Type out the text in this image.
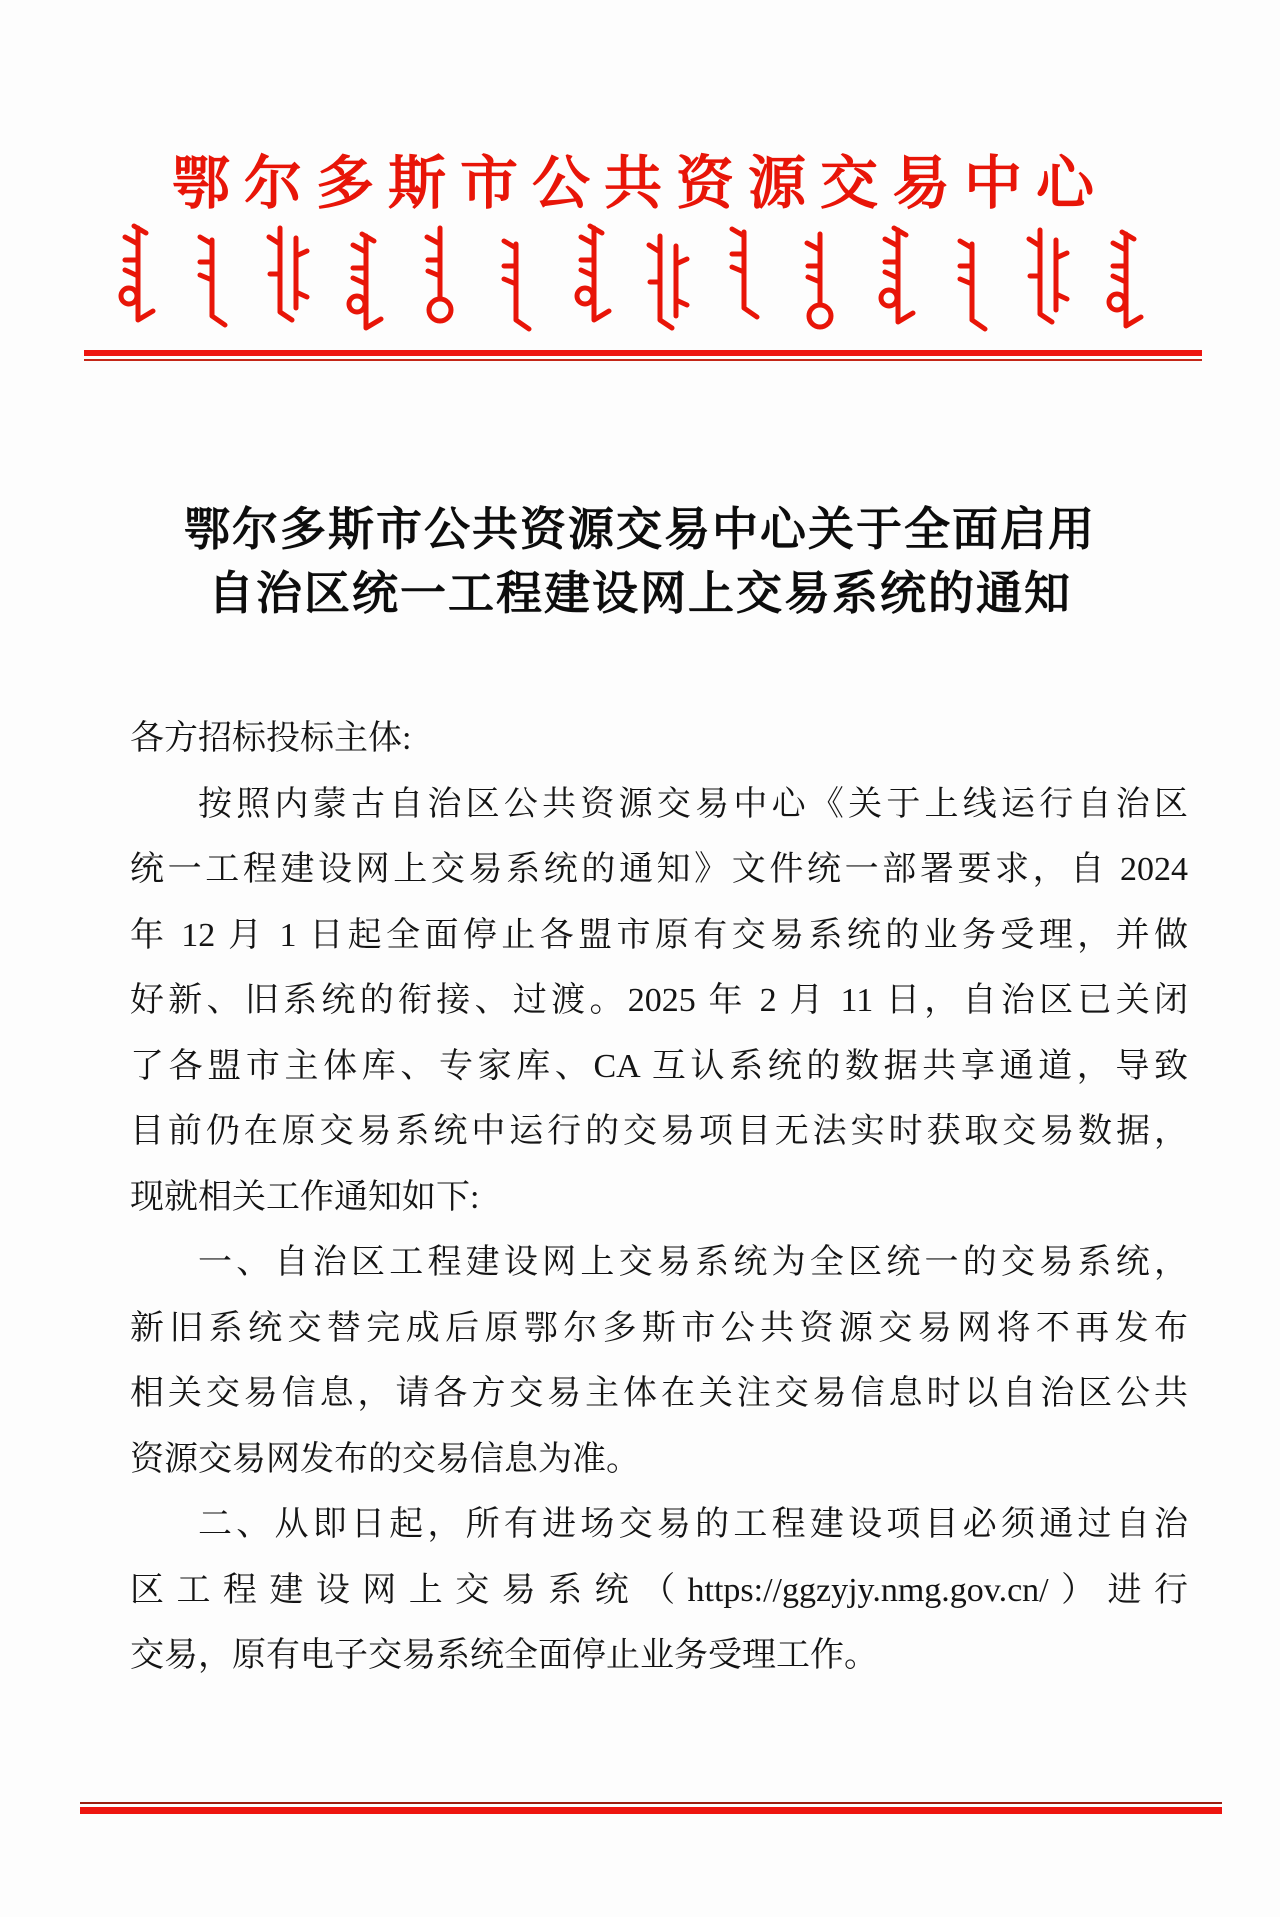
鄂尔多斯市公共资源交易中心
鄂尔多斯市公共资源交易中心关于全面启用
自治区统一工程建设网上交易系统的通知
各方招标投标主体:
按照内蒙古自治区公共资源交易中心《关于上线运行自治区
统一工程建设网上交易系统的通知》文件统一部署要求，自 2024
年 12 月 1 日起全面停止各盟市原有交易系统的业务受理，并做
好新、旧系统的衔接、过渡。2025 年 2 月 11 日，自治区已关闭
了各盟市主体库、专家库、CA 互认系统的数据共享通道，导致
目前仍在原交易系统中运行的交易项目无法实时获取交易数据，
现就相关工作通知如下:
一、自治区工程建设网上交易系统为全区统一的交易系统，
新旧系统交替完成后原鄂尔多斯市公共资源交易网将不再发布
相关交易信息，请各方交易主体在关注交易信息时以自治区公共
资源交易网发布的交易信息为准。
二、从即日起，所有进场交易的工程建设项目必须通过自治
区工程建设网上交易系统（https://ggzyjy.nmg.gov.cn/）进行
交易，原有电子交易系统全面停止业务受理工作。
